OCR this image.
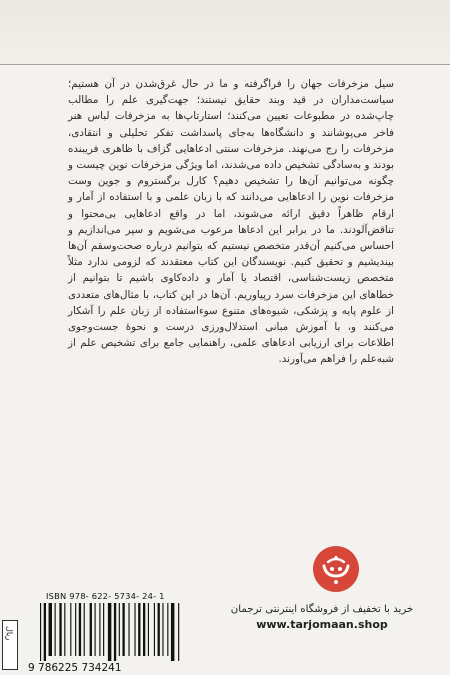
سیل مزخرفات جهان را فراگرفته و ما در حال غرق‌شدن در آن هستیم؛ سیاست‌مداران در قید وبند حقایق نیستند؛ جهت‌گیری علم را مطالب چاپ‌شده در مطبوعات تعیین می‌کنند؛ استارتاپ‌ها به مزخرفات لباس هنر فاخر می‌پوشانند و دانشگاه‌ها به‌جای پاسداشت تفکر تحلیلی و انتقادی، مزخرفات را رج می‌نهند. مزخرفات سنتی ادعاهایی گزاف با ظاهری فریبنده بودند و به‌سادگی تشخیص داده می‌شدند، اما ویژگی مزخرفات نوین چیست و چگونه می‌توانیم آن‌ها را تشخیص دهیم؟ کارل برگستروم و جوین وست مزخرفات نوین را ادعاهایی می‌دانند که با زبان علمی و با استفاده از آمار و ارقام ظاهراً دقیق ارائه می‌شوند، اما در واقع ادعاهایی بی‌محتوا و تناقض‌آلودند. ما در برابر این ادعاها مرعوب می‌شویم و سپر می‌اندازیم و احساس می‌کنیم آن‌قدر متخصص نیستیم که بتوانیم درباره صحت‌وسقم آن‌ها بیندیشیم و تحقیق کنیم. نویسندگان این کتاب معتقدند که لزومی ندارد مثلاً متخصص زیست‌شناسی، اقتصاد یا آمار و داده‌کاوی باشیم تا بتوانیم از خطاهای این مزخرفات سرد رپیاوریم. آن‌ها در این کتاب، با مثال‌های متعددی از علوم پایه و پزشکی، شیوه‌های متنوع سوءاستفاده از زبان علم را آشکار می‌کنند و، با آموزش مبانی استدلال‌ورزی درست و نحوهٔ جست‌وجوی اطلاعات برای ارزیابی ادعاهای علمی، راهنمایی جامع برای تشخیص علم از شبه‌علم را فراهم می‌آورند.

خرید با تخفیف از فروشگاه اینترنتی ترجمان
www.tarjomaan.shop
ISBN 978- 622- 5734- 24- 1
9 786225 734241
ریال
